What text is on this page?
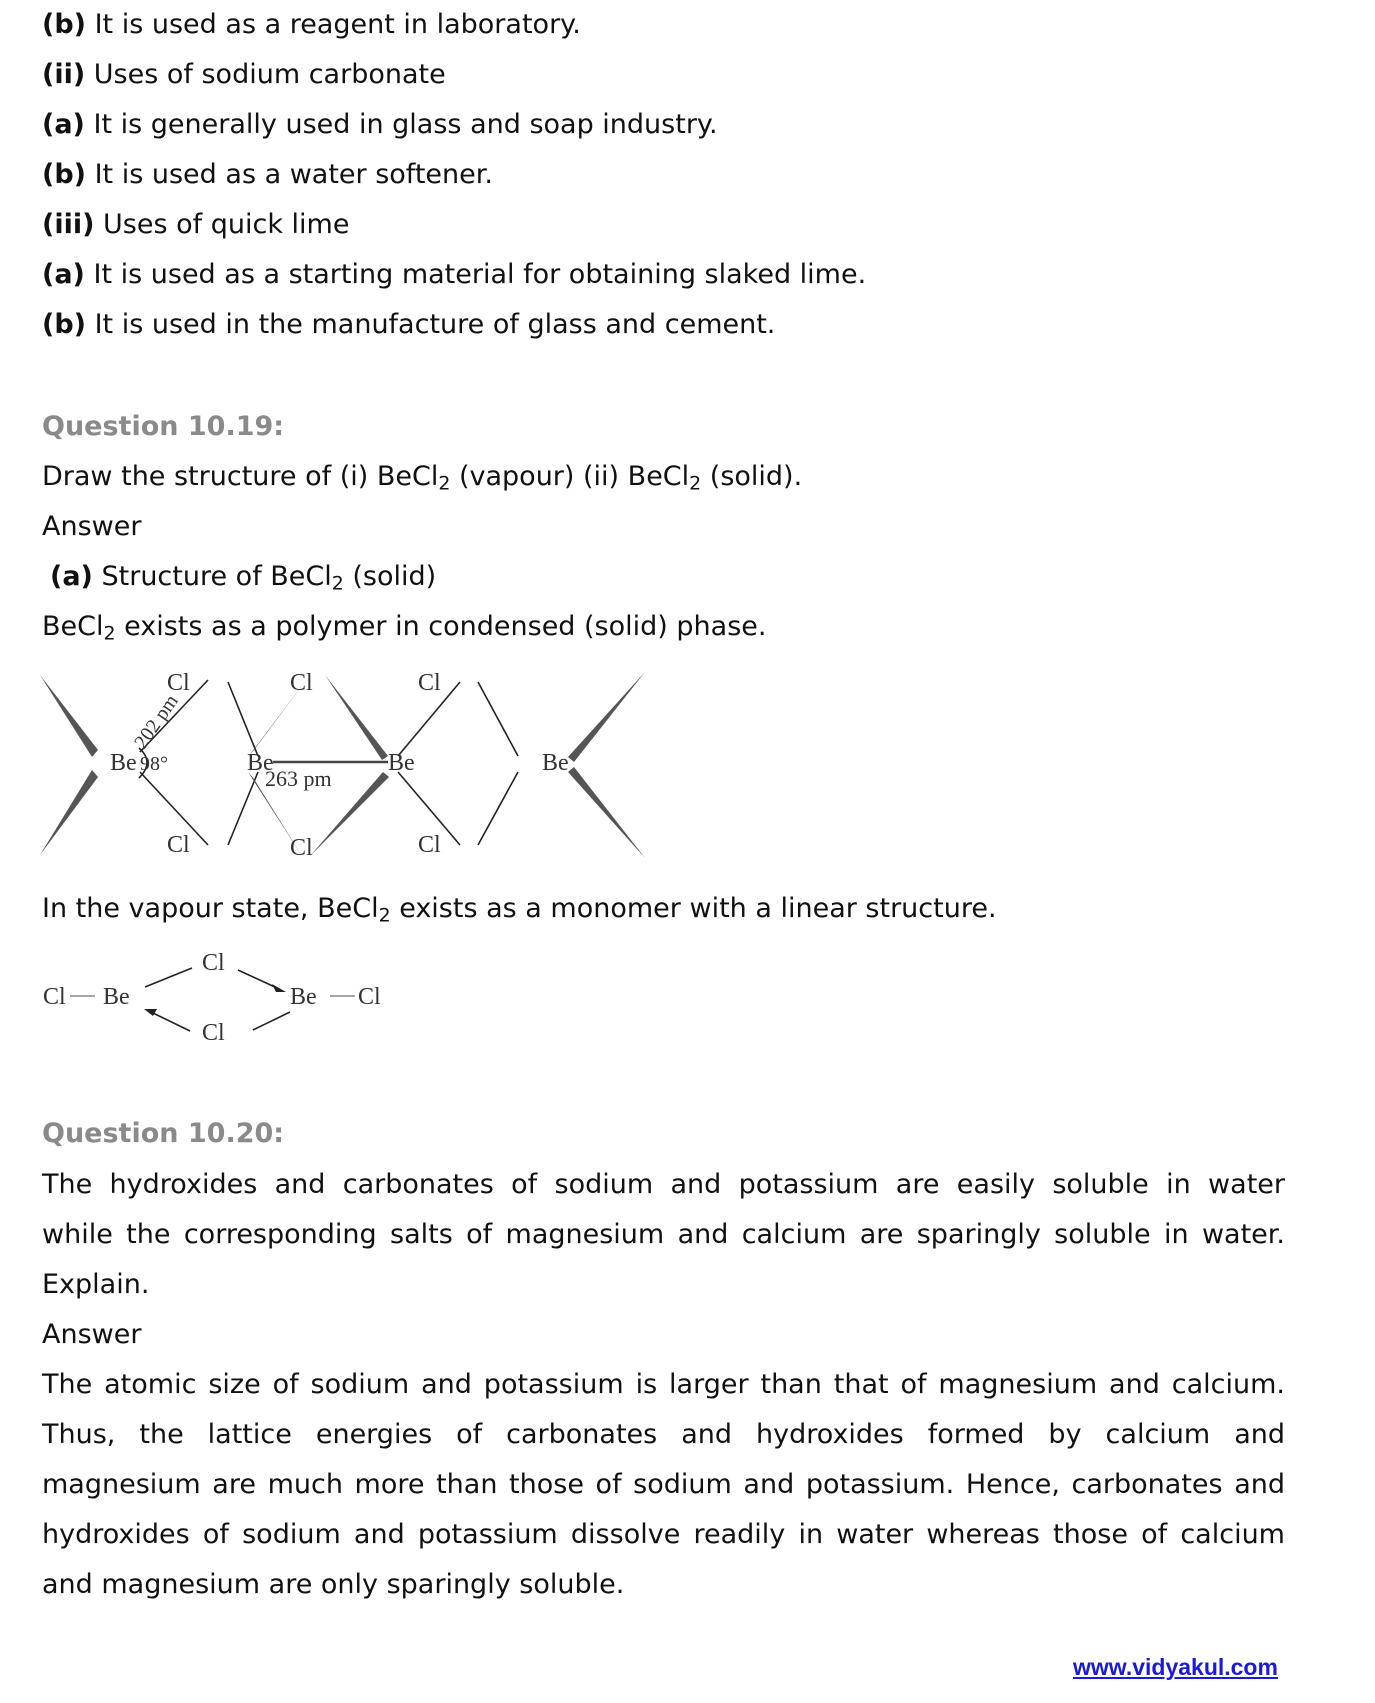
(b) It is used as a reagent in laboratory.
(ii) Uses of sodium carbonate
(a) It is generally used in glass and soap industry.
(b) It is used as a water softener.
(iii) Uses of quick lime
(a) It is used as a starting material for obtaining slaked lime.
(b) It is used in the manufacture of glass and cement.
Question 10.19:
Draw the structure of (i) BeCl$_2$ (vapour) (ii) BeCl$_2$ (solid).
Answer
(a) Structure of BeCl$_2$ (solid)
BeCl$_2$ exists as a polymer in condensed (solid) phase.
Be	Be	Be	Be
Cl	Cl	Cl
Cl	Cl	Cl
98°
263 pm
202 pm
In the vapour state, BeCl$_2$ exists as a monomer with a linear structure.
Cl Be
Cl
Cl
Be Cl
Question 10.20:
The hydroxides and carbonates of sodium and potassium are easily soluble in water
while the corresponding salts of magnesium and calcium are sparingly soluble in water.
Explain.
Answer
The atomic size of sodium and potassium is larger than that of magnesium and calcium.
Thus, the lattice energies of carbonates and hydroxides formed by calcium and
magnesium are much more than those of sodium and potassium. Hence, carbonates and
hydroxides of sodium and potassium dissolve readily in water whereas those of calcium
and magnesium are only sparingly soluble.
www.vidyakul.com
